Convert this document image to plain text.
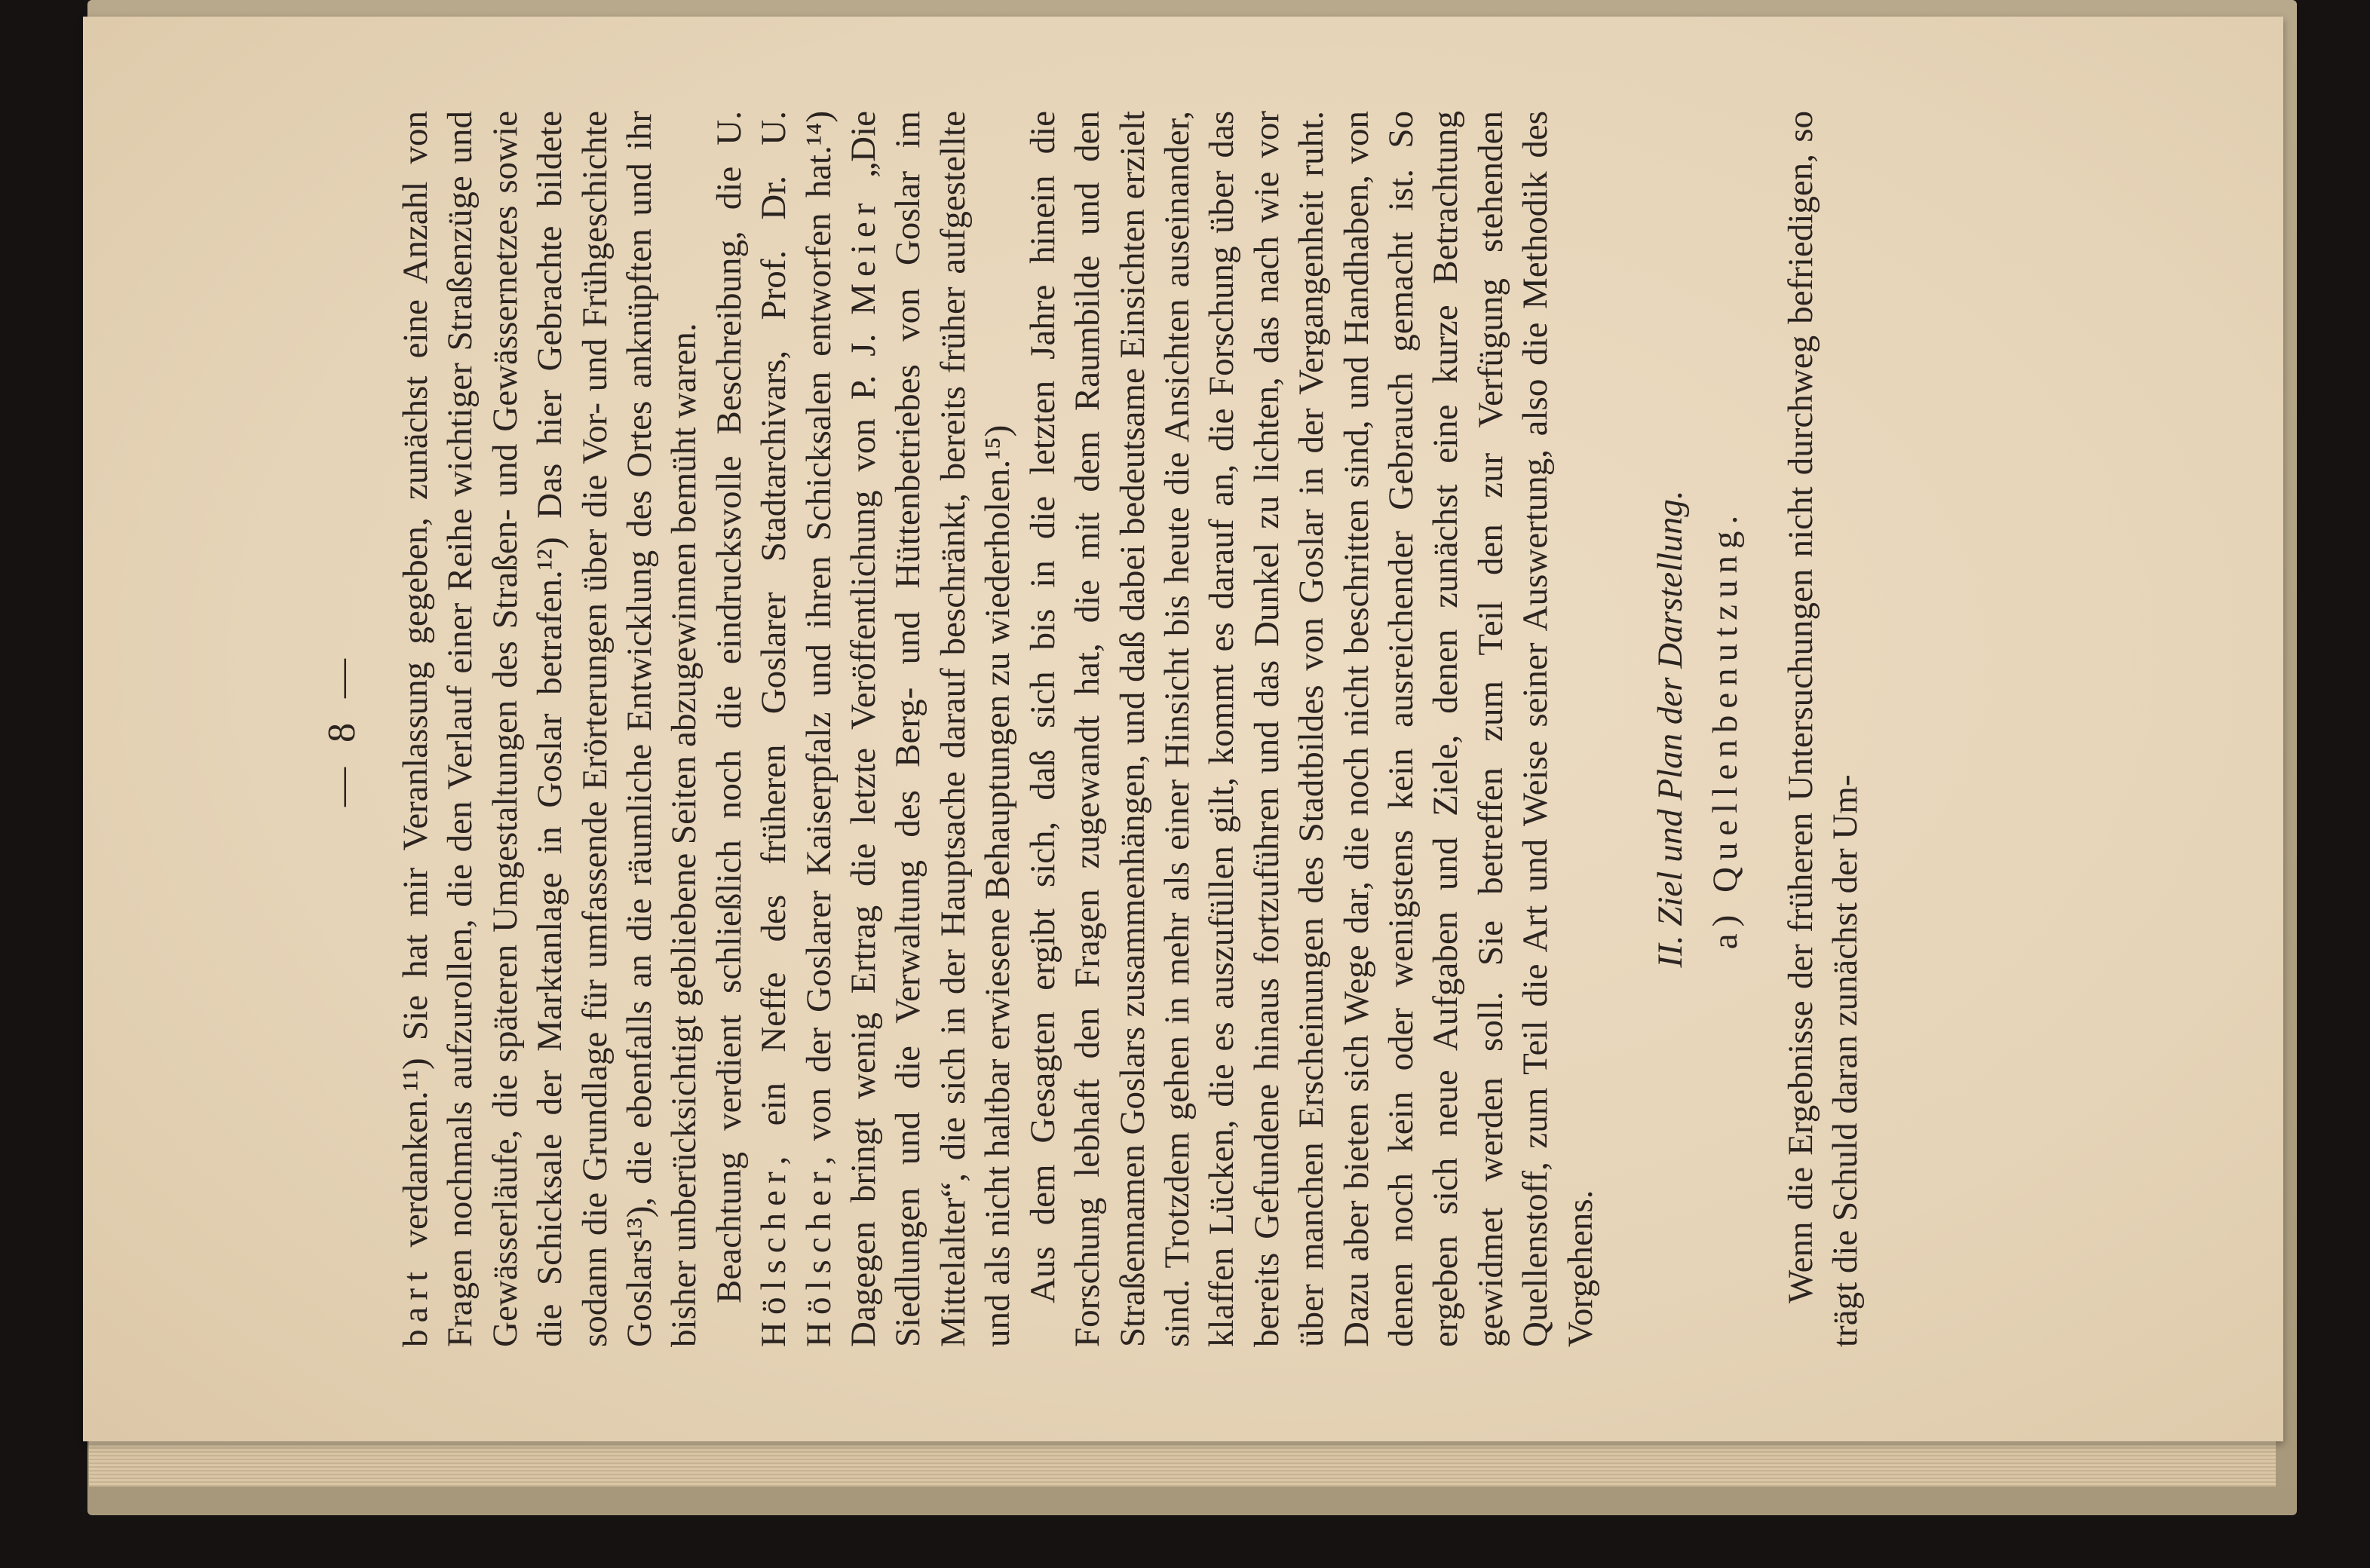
— 8 —

bart verdanken.¹¹) Sie hat mir Veranlassung gegeben, zunächst eine Anzahl von Fragen nochmals aufzurollen, die den Verlauf einer Reihe wichtiger Straßenzüge und Gewässerläufe, die späteren Umgestaltungen des Straßen- und Gewässernetzes sowie die Schicksale der Marktanlage in Goslar betrafen.¹²) Das hier Gebrachte bildete sodann die Grundlage für umfassende Erörterungen über die Vor- und Frühgeschichte Goslars¹³), die ebenfalls an die räumliche Entwicklung des Ortes anknüpften und ihr bisher unberücksichtigt gebliebene Seiten abzugewinnen bemüht waren. Beachtung verdient schließlich noch die eindrucksvolle Beschreibung, die U. Hölscher, ein Neffe des früheren Goslarer Stadtarchivars, Prof. Dr. U. Hölscher, von der Goslarer Kaiserpfalz und ihren Schicksalen entworfen hat.¹⁴) Dagegen bringt wenig Ertrag die letzte Veröffentlichung von P. J. Meier „Die Siedlungen und die Verwaltung des Berg- und Hüttenbetriebes von Goslar im Mittelalter“, die sich in der Hauptsache darauf beschränkt, bereits früher aufgestellte und als nicht haltbar erwiesene Behauptungen zu wiederholen.¹⁵) Aus dem Gesagten ergibt sich, daß sich bis in die letzten Jahre hinein die Forschung lebhaft den Fragen zugewandt hat, die mit dem Raumbilde und den Straßennamen Goslars zusammenhängen, und daß dabei bedeutsame Einsichten erzielt sind. Trotzdem gehen in mehr als einer Hinsicht bis heute die Ansichten auseinander, klaffen Lücken, die es auszufüllen gilt, kommt es darauf an, die Forschung über das bereits Gefundene hinaus fortzuführen und das Dunkel zu lichten, das nach wie vor über manchen Erscheinungen des Stadtbildes von Goslar in der Vergangenheit ruht. Dazu aber bieten sich Wege dar, die noch nicht beschritten sind, und Handhaben, von denen noch kein oder wenigstens kein ausreichender Gebrauch gemacht ist. So ergeben sich neue Aufgaben und Ziele, denen zunächst eine kurze Betrachtung gewidmet werden soll. Sie betreffen zum Teil den zur Verfügung stehenden Quellenstoff, zum Teil die Art und Weise seiner Auswertung, also die Methodik des Vorgehens.

II. Ziel und Plan der Darstellung. a) Quellenbenutzung. Wenn die Ergebnisse der früheren Untersuchungen nicht durchweg befriedigen, so trägt die Schuld daran zunächst der Um-
